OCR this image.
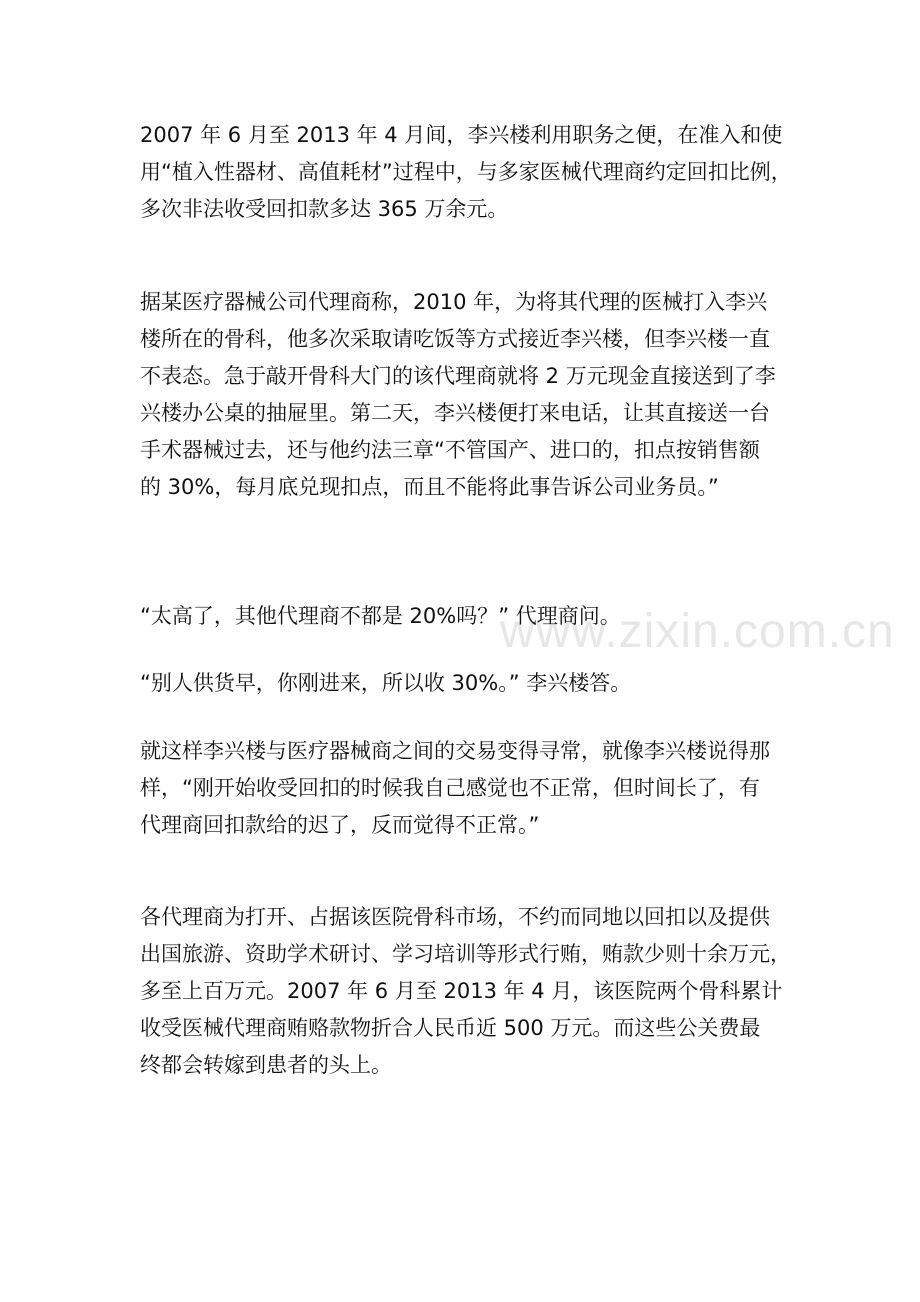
2007 年 6 月至 2013 年 4 月间，李兴楼利用职务之便，在准入和使
用“植入性器材、高值耗材”过程中，与多家医械代理商约定回扣比例，
多次非法收受回扣款多达 365 万余元。

据某医疗器械公司代理商称，2010 年，为将其代理的医械打入李兴
楼所在的骨科，他多次采取请吃饭等方式接近李兴楼，但李兴楼一直
不表态。急于敲开骨科大门的该代理商就将 2 万元现金直接送到了李
兴楼办公桌的抽屉里。第二天，李兴楼便打来电话，让其直接送一台
手术器械过去，还与他约法三章“不管国产、进口的，扣点按销售额
的 30%，每月底兑现扣点，而且不能将此事告诉公司业务员。”

“太高了，其他代理商不都是 20%吗？” 代理商问。

“别人供货早，你刚进来，所以收 30%。” 李兴楼答。

就这样李兴楼与医疗器械商之间的交易变得寻常，就像李兴楼说得那
样，“刚开始收受回扣的时候我自己感觉也不正常，但时间长了，有
代理商回扣款给的迟了，反而觉得不正常。”

各代理商为打开、占据该医院骨科市场，不约而同地以回扣以及提供
出国旅游、资助学术研讨、学习培训等形式行贿，贿款少则十余万元，
多至上百万元。2007 年 6 月至 2013 年 4 月，该医院两个骨科累计
收受医械代理商贿赂款物折合人民币近 500 万元。而这些公关费最
终都会转嫁到患者的头上。

www.zixin.com.cn
